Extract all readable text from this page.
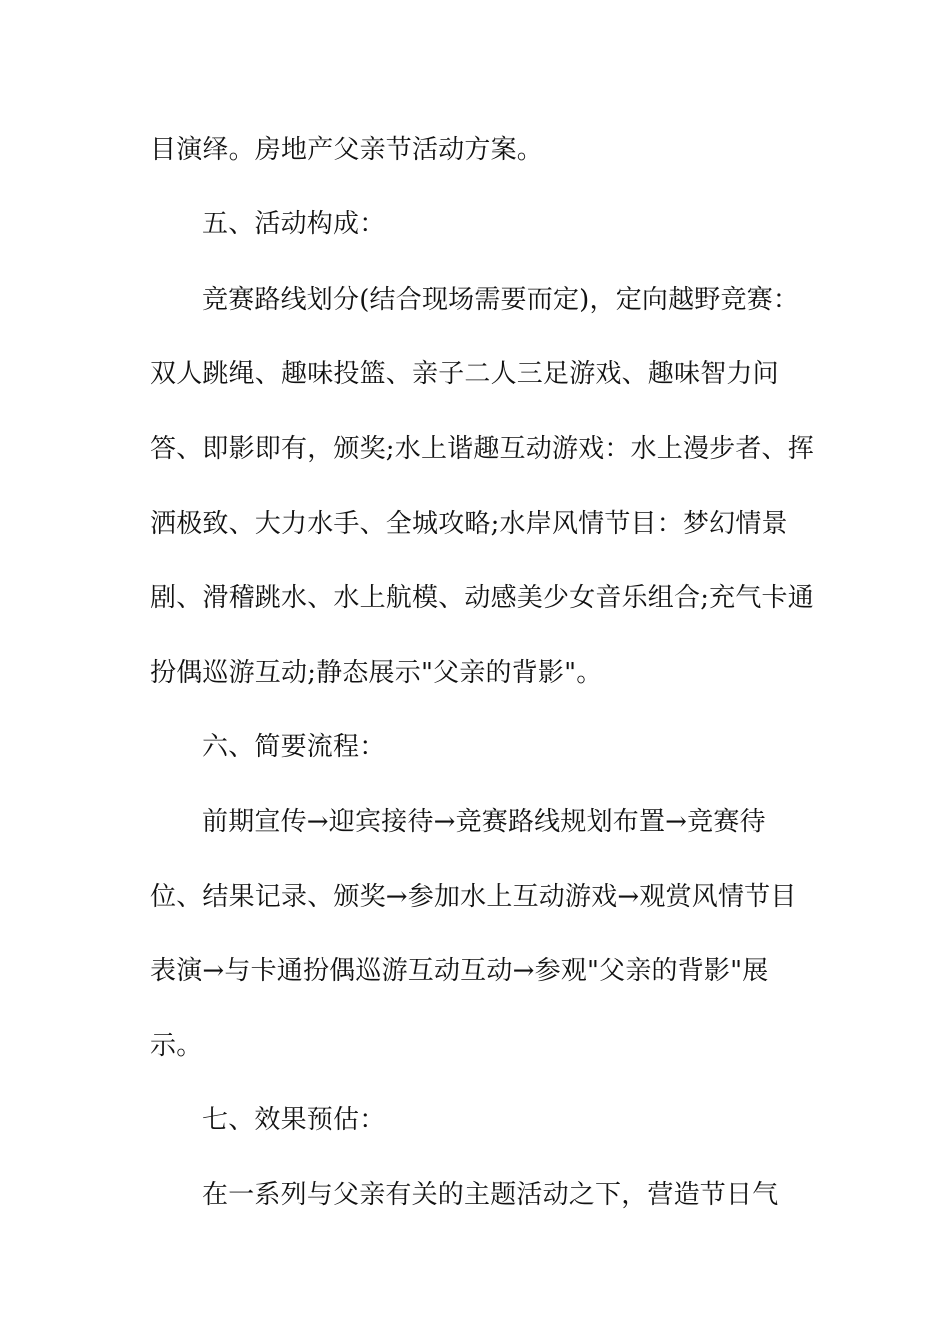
目演绎。房地产父亲节活动方案。
五、活动构成：
竞赛路线划分(结合现场需要而定)，定向越野竞赛：
双人跳绳、趣味投篮、亲子二人三足游戏、趣味智力问
答、即影即有，颁奖;水上谐趣互动游戏：水上漫步者、挥
洒极致、大力水手、全城攻略;水岸风情节目：梦幻情景
剧、滑稽跳水、水上航模、动感美少女音乐组合;充气卡通
扮偶巡游互动;静态展示"父亲的背影"。
六、简要流程：
前期宣传→迎宾接待→竞赛路线规划布置→竞赛待
位、结果记录、颁奖→参加水上互动游戏→观赏风情节目
表演→与卡通扮偶巡游互动互动→参观"父亲的背影"展
示。
七、效果预估：
在一系列与父亲有关的主题活动之下，营造节日气
